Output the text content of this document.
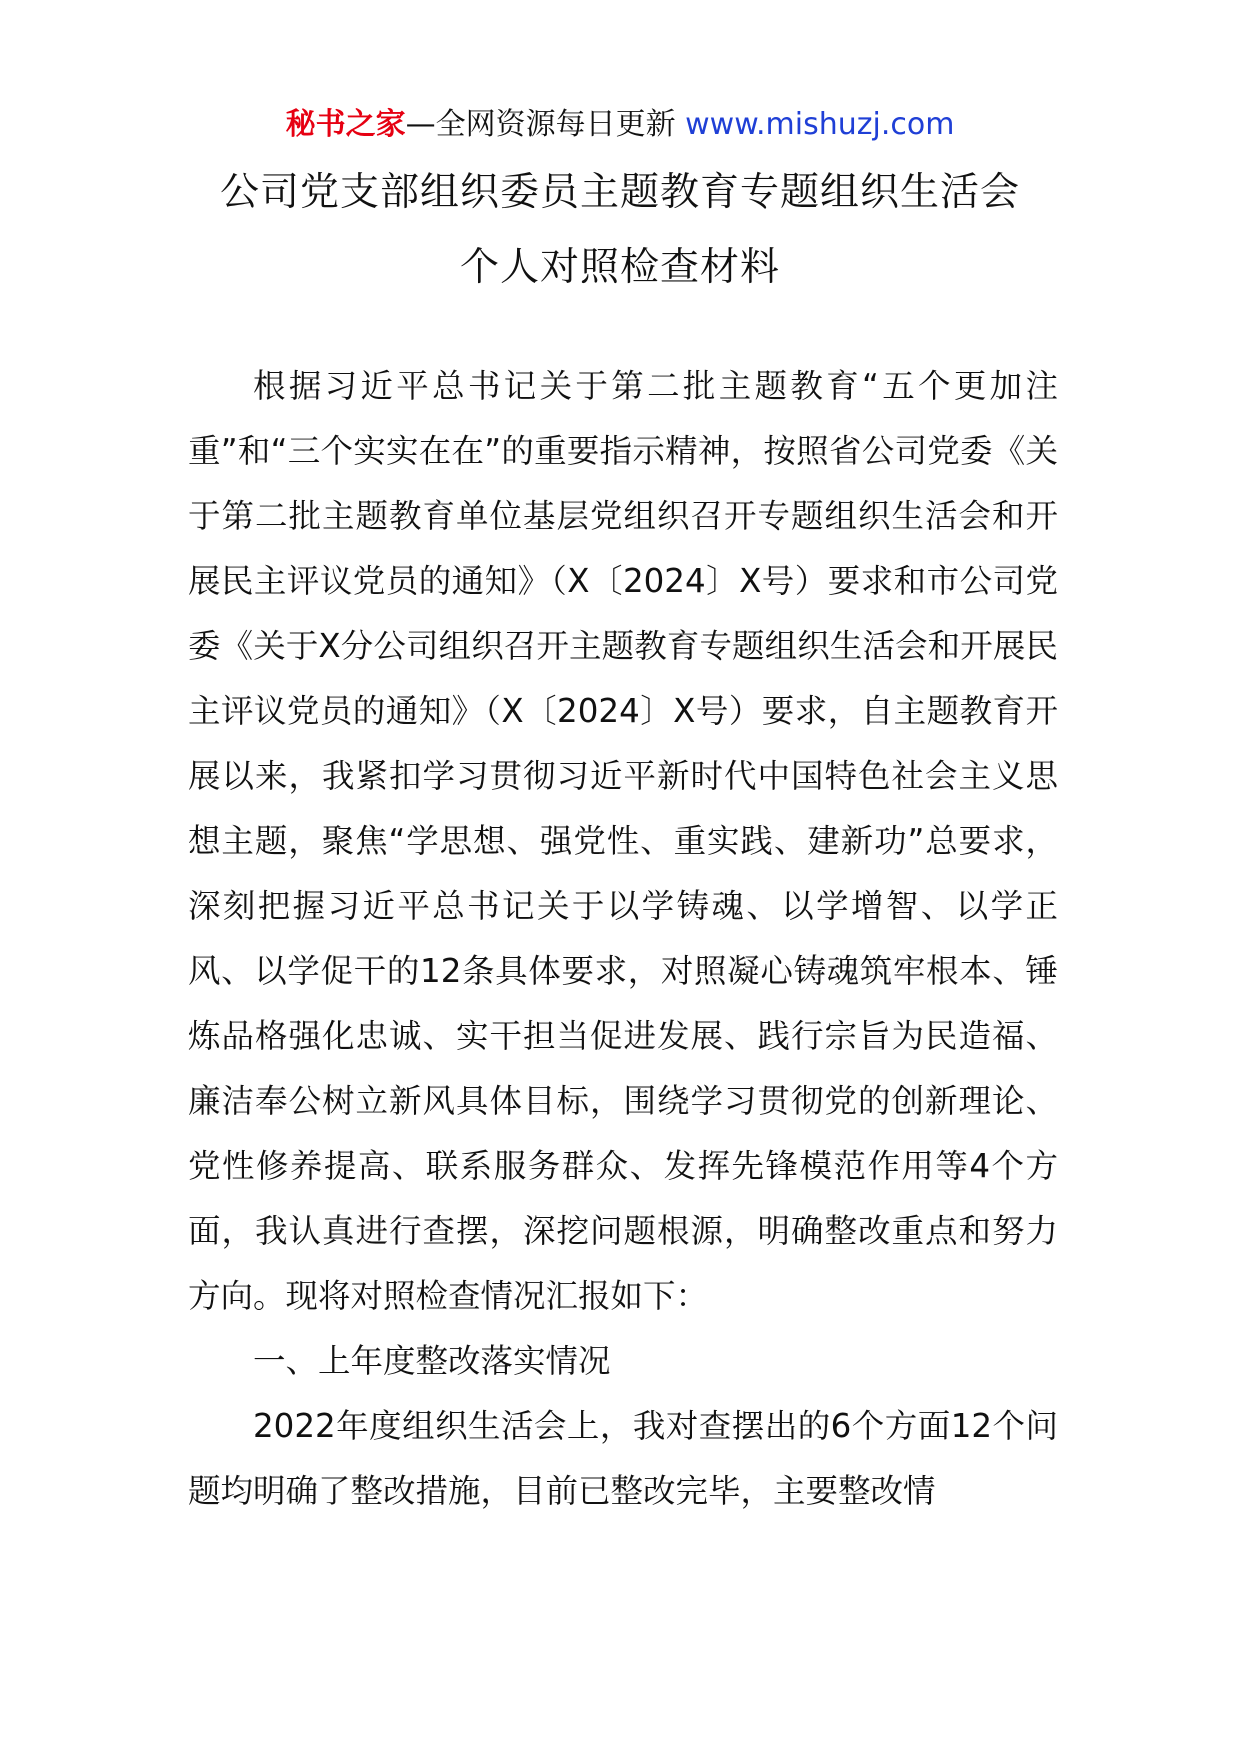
秘书之家—全网资源每日更新 www.mishuzj.com
公司党支部组织委员主题教育专题组织生活会
个人对照检查材料

根据习近平总书记关于第二批主题教育“五个更加注重”和“三个实实在在”的重要指示精神，按照省公司党委《关于第二批主题教育单位基层党组织召开专题组织生活会和开展民主评议党员的通知》（X〔2024〕X号）要求和市公司党委《关于X分公司组织召开主题教育专题组织生活会和开展民主评议党员的通知》（X〔2024〕X号）要求，自主题教育开展以来，我紧扣学习贯彻习近平新时代中国特色社会主义思想主题，聚焦“学思想、强党性、重实践、建新功”总要求，深刻把握习近平总书记关于以学铸魂、以学增智、以学正风、以学促干的12条具体要求，对照凝心铸魂筑牢根本、锤炼品格强化忠诚、实干担当促进发展、践行宗旨为民造福、廉洁奉公树立新风具体目标，围绕学习贯彻党的创新理论、党性修养提高、联系服务群众、发挥先锋模范作用等4个方面，我认真进行查摆，深挖问题根源，明确整改重点和努力方向。现将对照检查情况汇报如下：

一、上年度整改落实情况

2022年度组织生活会上，我对查摆出的6个方面12个问题均明确了整改措施，目前已整改完毕，主要整改情
